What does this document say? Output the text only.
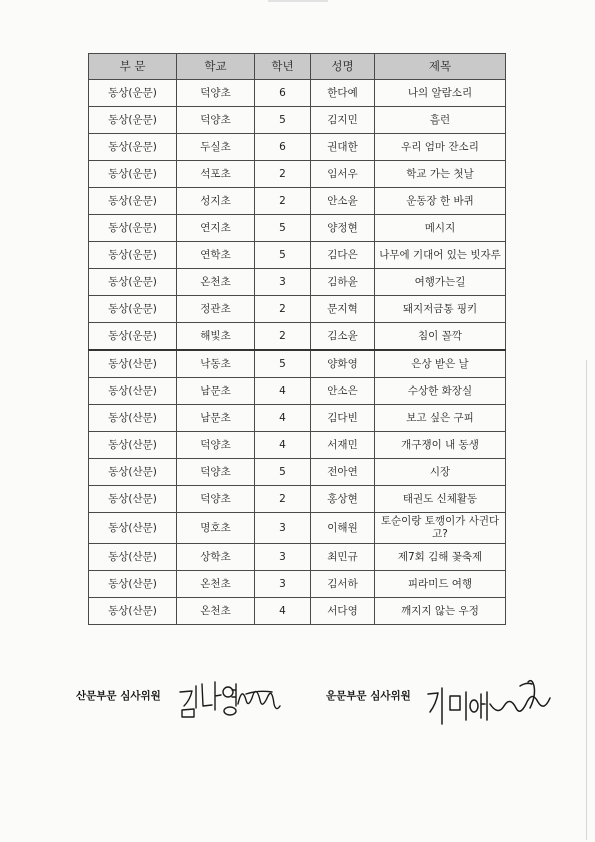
부 문	학교	학년	성명	제목
동상(운문)	덕양초	6	한다예	나의 알람소리
동상(운문)	덕양초	5	김지민	흠런
동상(운문)	두실초	6	권대한	우리 엄마 잔소리
동상(운문)	석포초	2	임서우	학교 가는 첫날
동상(운문)	성지초	2	안소윤	운동장 한 바퀴
동상(운문)	연지초	5	양정현	메시지
동상(운문)	연학초	5	김다은	나무에 기대어 있는 빗자루
동상(운문)	온천초	3	김하윤	여행가는길
동상(운문)	정관초	2	문지혁	돼지저금통 핑키
동상(운문)	해빛초	2	김소윤	침이 꼴깍
동상(산문)	낙동초	5	양화영	은상 받은 날
동상(산문)	남문초	4	안소은	수상한 화장실
동상(산문)	남문초	4	김다빈	보고 싶은 구피
동상(산문)	덕양초	4	서재민	개구쟁이 내 동생
동상(산문)	덕양초	5	전아연	시장
동상(산문)	덕양초	2	홍상현	태권도 신체활동
동상(산문)	명호초	3	이해원	토순이랑 토깽이가 사귄다고?
동상(산문)	상학초	3	최민규	제7회 김해 꽃축제
동상(산문)	온천초	3	김서하	피라미드 여행
동상(산문)	온천초	4	서다영	깨지지 않는 우정
산문부문 심사위원	운문부문 심사위원
